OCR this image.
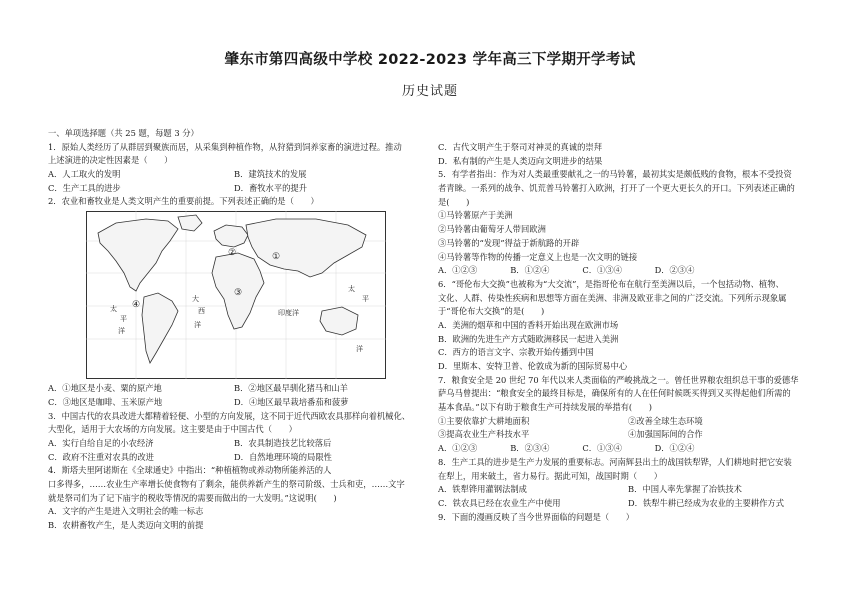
肇东市第四高级中学校 2022-2023 学年高三下学期开学考试
历史试题
一、单项选择题（共 25 题，每题 3 分）
1．原始人类经历了从群居到聚族而居，从采集到种植作物，从狩猎到饲养家畜的演进过程。推动
上述演进的决定性因素是（　　）
A．人工取火的发明	B．建筑技术的发展
C．生产工具的进步	D．畜牧水平的提升
2．农业和畜牧业是人类文明产生的重要前提。下列表述正确的是（　　）
太
平
洋
大
西
洋
印度洋
太
平
洋
①
②
③
④
A．①地区是小麦、粟的原产地	B．②地区最早驯化猪马和山羊
C．③地区是咖啡、玉米原产地	D．④地区最早栽培番茄和菠萝
3．中国古代的农具改进大都精着轻便、小型的方向发展，这不同于近代西欧农具那样向着机械化、
大型化，适用于大农场的方向发展。这主要是由于中国古代（　　）
A．实行自给自足的小农经济	B．农具制造技艺比较落后
C．政府不注重对农具的改进	D．自然地理环境的局限性
4．斯塔夫里阿诺斯在《全球通史》中指出：“种植植物或养动物所能养活的人
口多得多，……农业生产率增长使食物有了剩余，能供养新产生的祭司阶级、士兵和吏，……文字
就是祭司们为了记下庙宇的税收等情况的需要而做出的一大发明。”这说明(　　)
A．文字的产生是进入文明社会的唯一标志
B．农耕畜牧产生，是人类迈向文明的前提
C．古代文明产生于祭司对神灵的真诚的崇拜
D．私有制的产生是人类迈向文明进步的结果
5．有学者指出：作为对人类最重要献礼之一的马铃薯，最初其实是颇低贱的食物，根本不受投资
者青睐。一系列的战争、饥荒普马铃薯打入欧洲，打开了一个更大更长久的开口。下列表述正确的
是(　　)
①马铃薯原产于美洲
②马铃薯由葡萄牙人带回欧洲
③马铃薯的“发现”得益于新航路的开辟
④马铃薯等作物的传播一定意义上也是一次文明的链接
A．①②③	B．①②④	C．①③④	D．②③④
6．“哥伦布大交换”也被称为“大交流”，是指哥伦布在航行至美洲以后，一个包括动物、植物、
文化、人群、传染性疾病和思想等方面在美洲、非洲及欧亚非之间的广泛交流。下列所示现象属
于“哥伦布大交换”的是(　　)
A．美洲的烟草和中国的香料开始出现在欧洲市场
B．欧洲的先进生产方式随欧洲移民一起进入美洲
C．西方的语言文字、宗教开始传播到中国
D．里斯本、安特卫普、伦敦成为新的国际贸易中心
7．粮食安全是 20 世纪 70 年代以来人类面临的严峻挑战之一。曾任世界粮农组织总干事的爱德华
萨乌马曾提出：“粮食安全的最终目标是，确保所有的人在任何时候既买得到又买得起他们所需的
基本食品。”以下有助于粮食生产可持续发展的举措有(　　)
①主要依靠扩大耕地面积	②改善全球生态环境
③提高农业生产科技水平	④加强国际间的合作
A．①②③	B．②③④	C．①③④	D．①②④
8．生产工具的进步是生产力发展的重要标志。河南辉县出土的战国铁犁铧，人们耕地时把它安装
在犁上，用来破土，省力易行。据此可知，战国时期（　　）
A．铁犁铧用灌钢法制成	B．中国人率先掌握了冶铁技术
C．铁农具已经在农业生产中使用	D．铁犁牛耕已经成为农业的主要耕作方式
9．下面的漫画反映了当今世界面临的问题是（　　）
